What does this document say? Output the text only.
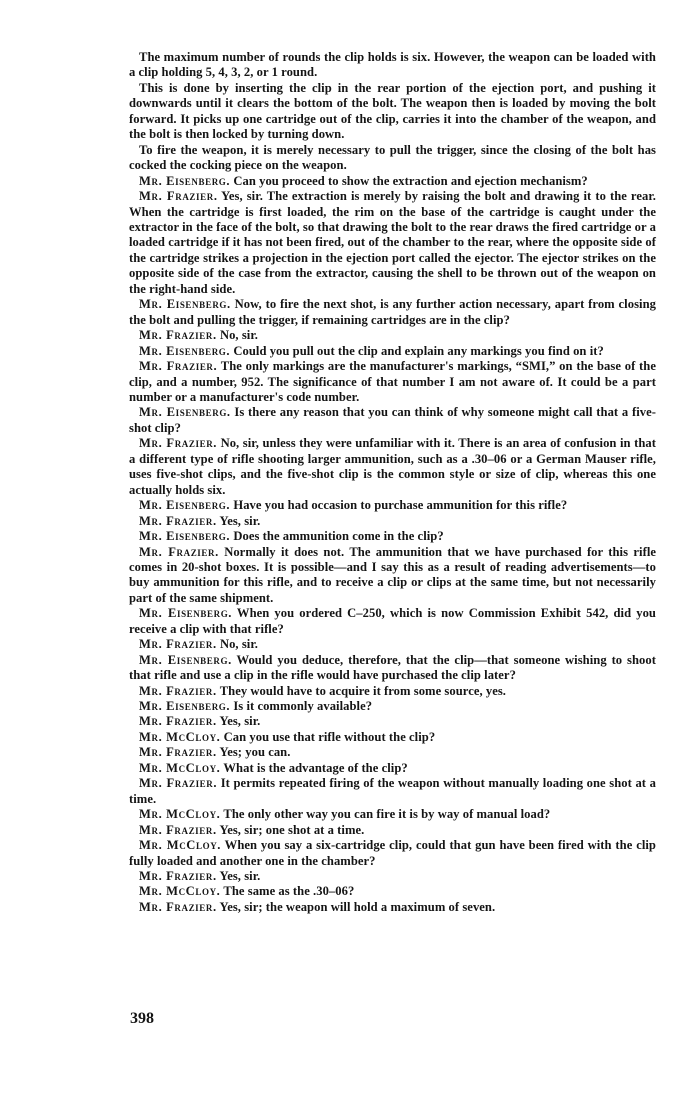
The maximum number of rounds the clip holds is six. However, the weapon can be loaded with a clip holding 5, 4, 3, 2, or 1 round.

This is done by inserting the clip in the rear portion of the ejection port, and pushing it downwards until it clears the bottom of the bolt. The weapon then is loaded by moving the bolt forward. It picks up one cartridge out of the clip, carries it into the chamber of the weapon, and the bolt is then locked by turning down.

To fire the weapon, it is merely necessary to pull the trigger, since the closing of the bolt has cocked the cocking piece on the weapon.

Mr. Eisenberg. Can you proceed to show the extraction and ejection mechanism?

Mr. Frazier. Yes, sir. The extraction is merely by raising the bolt and drawing it to the rear. When the cartridge is first loaded, the rim on the base of the cartridge is caught under the extractor in the face of the bolt, so that drawing the bolt to the rear draws the fired cartridge or a loaded cartridge if it has not been fired, out of the chamber to the rear, where the opposite side of the cartridge strikes a projection in the ejection port called the ejector. The ejector strikes on the opposite side of the case from the extractor, causing the shell to be thrown out of the weapon on the right-hand side.

Mr. Eisenberg. Now, to fire the next shot, is any further action necessary, apart from closing the bolt and pulling the trigger, if remaining cartridges are in the clip?

Mr. Frazier. No, sir.

Mr. Eisenberg. Could you pull out the clip and explain any markings you find on it?

Mr. Frazier. The only markings are the manufacturer's markings, “SMI,” on the base of the clip, and a number, 952. The significance of that number I am not aware of. It could be a part number or a manufacturer's code number.

Mr. Eisenberg. Is there any reason that you can think of why someone might call that a five-shot clip?

Mr. Frazier. No, sir, unless they were unfamiliar with it. There is an area of confusion in that a different type of rifle shooting larger ammunition, such as a .30–06 or a German Mauser rifle, uses five-shot clips, and the five-shot clip is the common style or size of clip, whereas this one actually holds six.

Mr. Eisenberg. Have you had occasion to purchase ammunition for this rifle?

Mr. Frazier. Yes, sir.

Mr. Eisenberg. Does the ammunition come in the clip?

Mr. Frazier. Normally it does not. The ammunition that we have purchased for this rifle comes in 20-shot boxes. It is possible—and I say this as a result of reading advertisements—to buy ammunition for this rifle, and to receive a clip or clips at the same time, but not necessarily part of the same shipment.

Mr. Eisenberg. When you ordered C–250, which is now Commission Exhibit 542, did you receive a clip with that rifle?

Mr. Frazier. No, sir.

Mr. Eisenberg. Would you deduce, therefore, that the clip—that someone wishing to shoot that rifle and use a clip in the rifle would have purchased the clip later?

Mr. Frazier. They would have to acquire it from some source, yes.

Mr. Eisenberg. Is it commonly available?

Mr. Frazier. Yes, sir.

Mr. McCloy. Can you use that rifle without the clip?

Mr. Frazier. Yes; you can.

Mr. McCloy. What is the advantage of the clip?

Mr. Frazier. It permits repeated firing of the weapon without manually loading one shot at a time.

Mr. McCloy. The only other way you can fire it is by way of manual load?

Mr. Frazier. Yes, sir; one shot at a time.

Mr. McCloy. When you say a six-cartridge clip, could that gun have been fired with the clip fully loaded and another one in the chamber?

Mr. Frazier. Yes, sir.

Mr. McCloy. The same as the .30–06?

Mr. Frazier. Yes, sir; the weapon will hold a maximum of seven.

398
